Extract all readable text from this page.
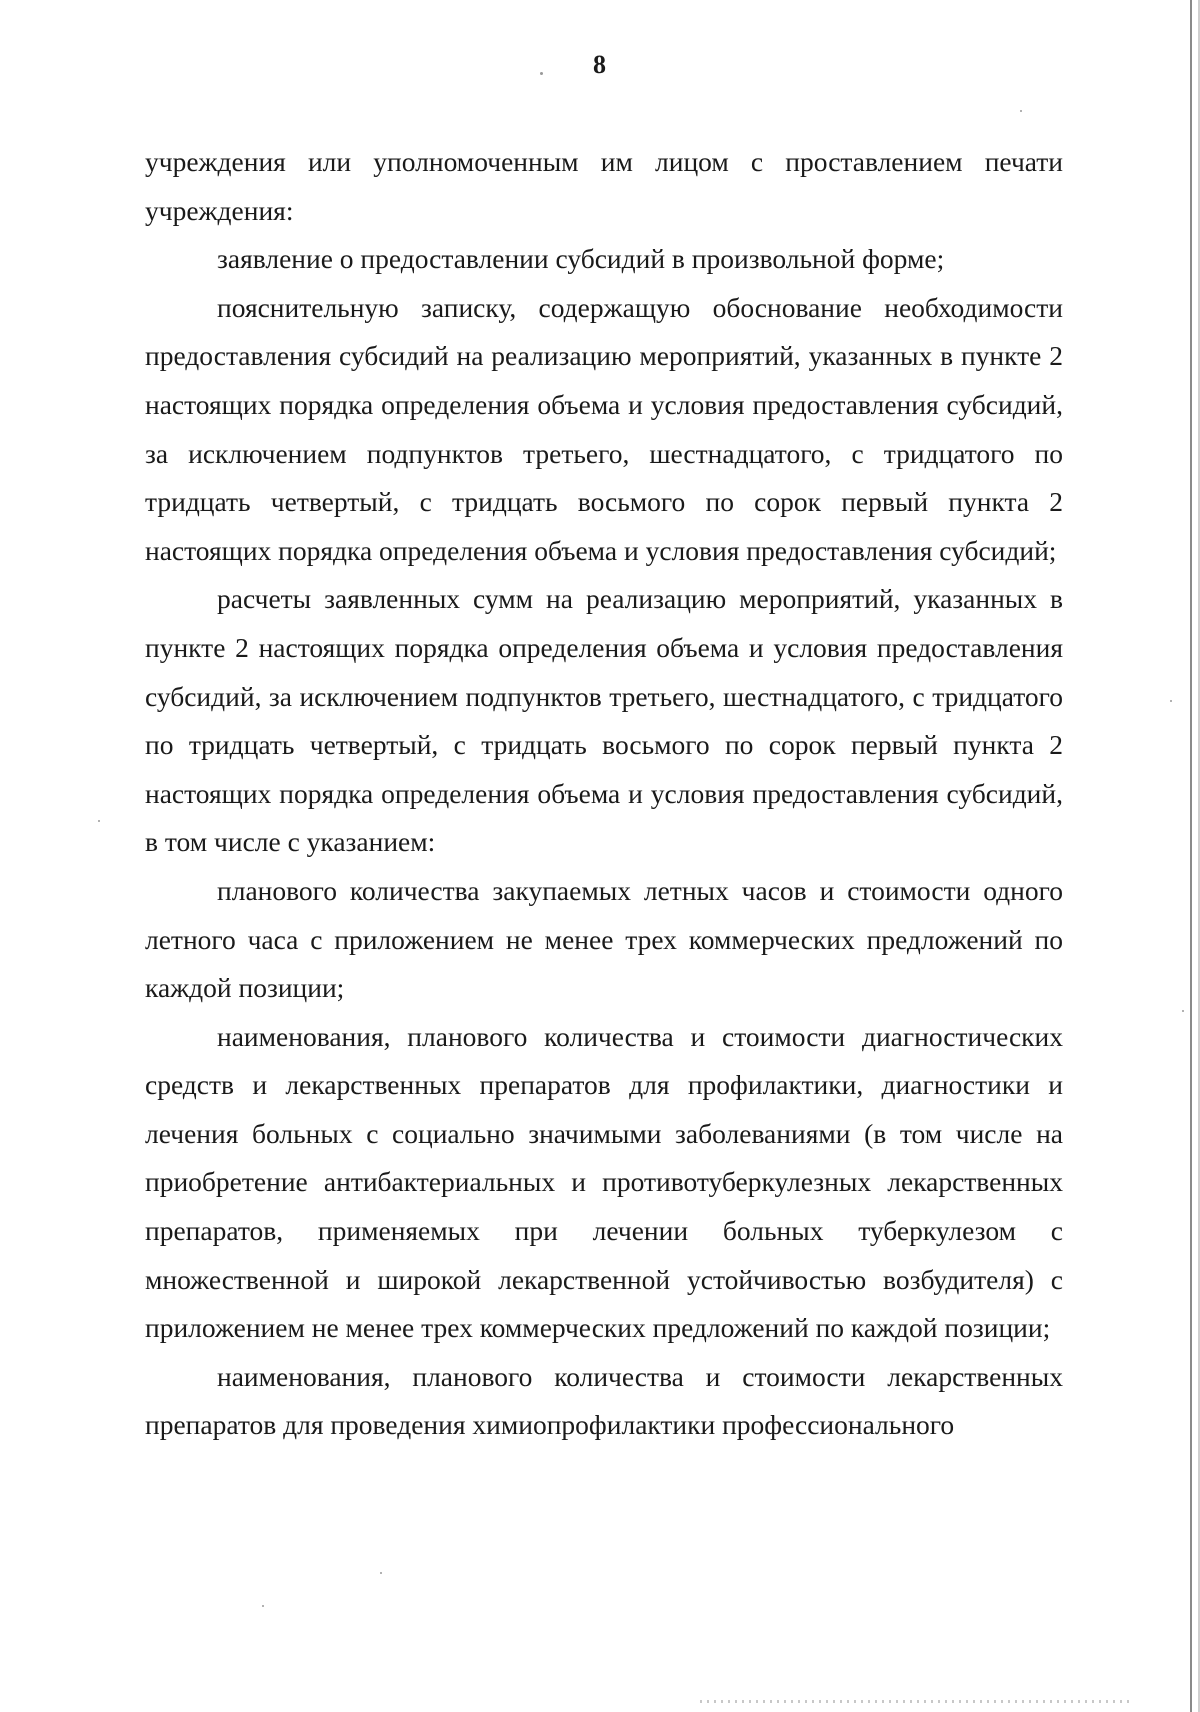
8

учреждения или уполномоченным им лицом с проставлением печати учреждения:

заявление о предоставлении субсидий в произвольной форме;

пояснительную записку, содержащую обоснование необходимости предоставления субсидий на реализацию мероприятий, указанных в пункте 2 настоящих порядка определения объема и условия предоставления субсидий, за исключением подпунктов третьего, шестнадцатого, с тридцатого по тридцать четвертый, с тридцать восьмого по сорок первый пункта 2 настоящих порядка определения объема и условия предоставления субсидий;

расчеты заявленных сумм на реализацию мероприятий, указанных в пункте 2 настоящих порядка определения объема и условия предоставления субсидий, за исключением подпунктов третьего, шестнадцатого, с тридцатого по тридцать четвертый, с тридцать восьмого по сорок первый пункта 2 настоящих порядка определения объема и условия предоставления субсидий, в том числе с указанием:

планового количества закупаемых летных часов и стоимости одного летного часа с приложением не менее трех коммерческих предложений по каждой позиции;

наименования, планового количества и стоимости диагностических средств и лекарственных препаратов для профилактики, диагностики и лечения больных с социально значимыми заболеваниями (в том числе на приобретение антибактериальных и противотуберкулезных лекарственных препаратов, применяемых при лечении больных туберкулезом с множественной и широкой лекарственной устойчивостью возбудителя) с приложением не менее трех коммерческих предложений по каждой позиции;

наименования, планового количества и стоимости лекарственных препаратов для проведения химиопрофилактики профессионального
